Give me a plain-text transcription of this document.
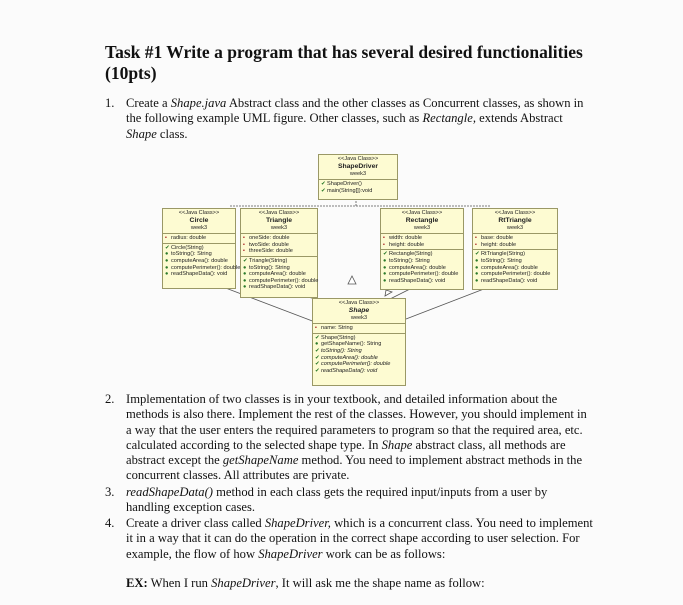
Task #1 Write a program that has several desired functionalities
(10pts)
1. Create a Shape.java Abstract class and the other classes as Concurrent classes, as shown in the following example UML figure. Other classes, such as Rectangle, extends Abstract Shape class.
<<Java Class>>
ShapeDriver
week3
✔ShapeDriver()
✔main(String[]):void
<<Java Class>>
Circle
week3
▪ radius: double
✔Circle(String)
● toString(): String
● computeArea(): double
● computePerimeter(): double
● readShapeData(): void
<<Java Class>>
Triangle
week3
▪ oneSide: double
▪ twoSide: double
▪ threeSide: double
✔Triangle(String)
● toString(): String
● computeArea(): double
● computePerimeter(): double
● readShapeData(): void
<<Java Class>>
Rectangle
week3
▪ width: double
▪ height: double
✔Rectangle(String)
● toString(): String
● computeArea(): double
● computePerimeter(): double
● readShapeData(): void
<<Java Class>>
RtTriangle
week3
▪ base: double
▪ height: double
✔RtTriangle(String)
● toString(): String
● computeArea(): double
● computePerimeter(): double
● readShapeData(): void
<<Java Class>>
Shape
week3
▪ name: String
✔Shape(String)
● getShapeName(): String
✔toString(): String
✔computeArea(): double
✔computePerimeter(): double
✔readShapeData(): void
2. Implementation of two classes is in your textbook, and detailed information about the methods is also there. Implement the rest of the classes. However, you should implement in a way that the user enters the required parameters to program so that the required area, etc. calculated according to the selected shape type. In Shape abstract class, all methods are abstract except the getShapeName method. You need to implement abstract methods in the concurrent classes. All attributes are private.
3. readShapeData() method in each class gets the required input/inputs from a user by handling exception cases.
4. Create a driver class called ShapeDriver, which is a concurrent class. You need to implement it in a way that it can do the operation in the correct shape according to user selection. For example, the flow of how ShapeDriver work can be as follows:
EX: When I run ShapeDriver, It will ask me the shape name as follow:
